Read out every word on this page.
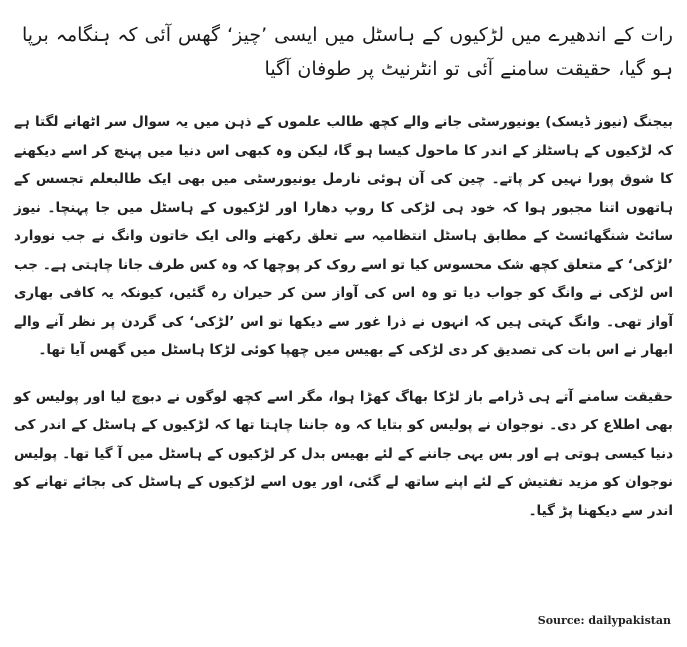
رات کے اندھیرے میں لڑکیوں کے ہاسٹل میں ایسی ’چیز‘ گھس آئی کہ ہنگامہ برپا ہو گیا، حقیقت سامنے آئی تو انٹرنیٹ پر طوفان آگیا

بیجنگ (نیوز ڈیسک) یونیورسٹی جانے والے کچھ طالب علموں کے ذہن میں یہ سوال سر اٹھانے لگتا ہے کہ لڑکیوں کے ہاسٹلز کے اندر کا ماحول کیسا ہو گا، لیکن وہ کبھی اس دنیا میں پہنچ کر اسے دیکھنے کا شوق پورا نہیں کر پاتے۔ چین کی آن ہوئی نارمل یونیورسٹی میں بھی ایک طالبعلم تجسس کے ہاتھوں اتنا مجبور ہوا کہ خود ہی لڑکی کا روپ دھارا اور لڑکیوں کے ہاسٹل میں جا پہنچا۔ نیوز سائٹ شنگھائسٹ کے مطابق ہاسٹل انتظامیہ سے تعلق رکھنے والی ایک خاتون وانگ نے جب نووارد ’لڑکی‘ کے متعلق کچھ شک محسوس کیا تو اسے روک کر پوچھا کہ وہ کس طرف جانا چاہتی ہے۔ جب اس لڑکی نے وانگ کو جواب دیا تو وہ اس کی آواز سن کر حیران رہ گئیں، کیونکہ یہ کافی بھاری آواز تھی۔ وانگ کہتی ہیں کہ انہوں نے ذرا غور سے دیکھا تو اس ’لڑکی‘ کی گردن پر نظر آنے والے ابھار نے اس بات کی تصدیق کر دی لڑکی کے بھیس میں چھپا کوئی لڑکا ہاسٹل میں گھس آیا تھا۔

حقیقت سامنے آتے ہی ڈرامے باز لڑکا بھاگ کھڑا ہوا، مگر اسے کچھ لوگوں نے دبوچ لیا اور پولیس کو بھی اطلاع کر دی۔ نوجوان نے پولیس کو بتایا کہ وہ جاننا چاہتا تھا کہ لڑکیوں کے ہاسٹل کے اندر کی دنیا کیسی ہوتی ہے اور بس یہی جاننے کے لئے بھیس بدل کر لڑکیوں کے ہاسٹل میں آ گیا تھا۔ پولیس نوجوان کو مزید تفتیش کے لئے اپنے ساتھ لے گئی، اور یوں اسے لڑکیوں کے ہاسٹل کی بجائے تھانے کو اندر سے دیکھنا پڑ گیا۔

Source: dailypakistan
